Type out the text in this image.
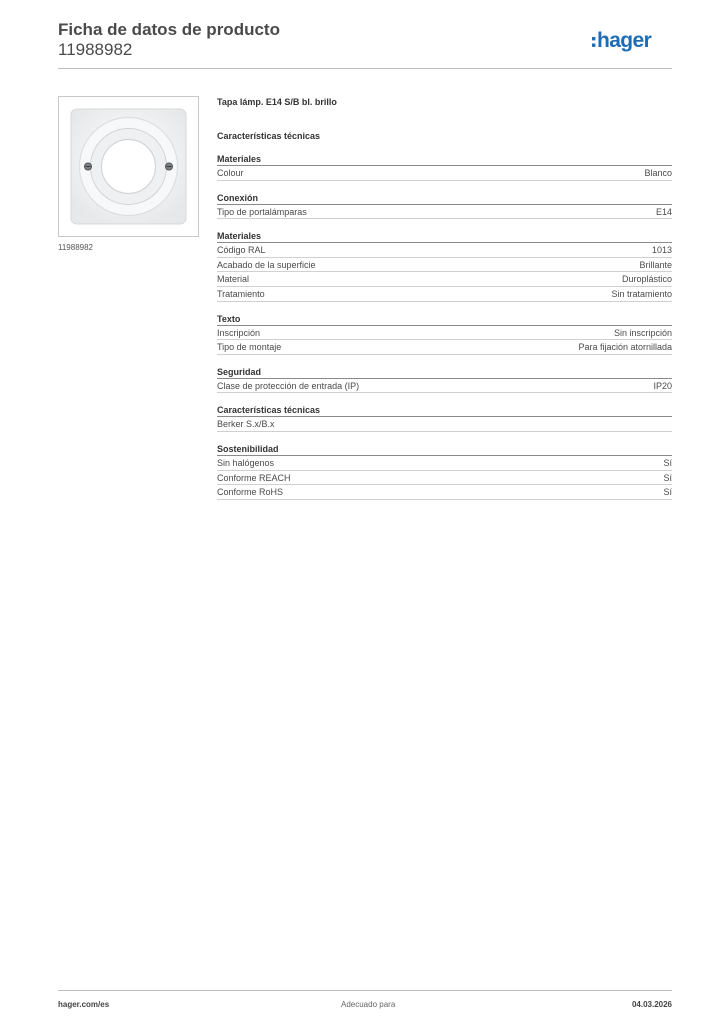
Ficha de datos de producto
11988982	hager
11988982
Tapa lámp. E14 S/B bl. brillo
Características técnicas
Materiales
Colour	Blanco
Conexión
Tipo de portalámparas	E14
Materiales
Código RAL	1013
Acabado de la superficie	Brillante
Material	Duroplástico
Tratamiento	Sin tratamiento
Texto
Inscripción	Sin inscripción
Tipo de montaje	Para fijación atornillada
Seguridad
Clase de protección de entrada (IP)	IP20
Características técnicas
Berker S.x/B.x
Sostenibilidad
Sin halógenos	Sí
Conforme REACH	Sí
Conforme RoHS	Sí
hager.com/es	Adecuado para	04.03.2026
